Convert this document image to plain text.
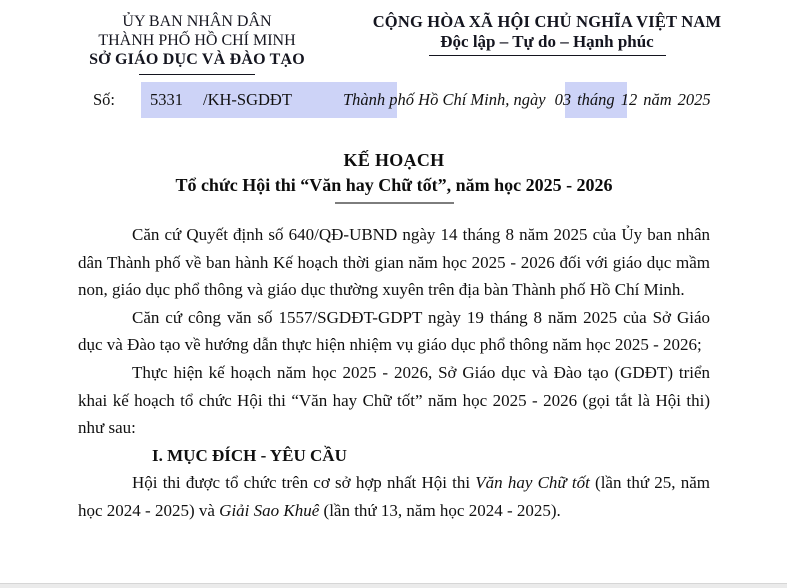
ỦY BAN NHÂN DÂN
THÀNH PHỐ HỒ CHÍ MINH
SỞ GIÁO DỤC VÀ ĐÀO TẠO
CỘNG HÒA XÃ HỘI CHỦ NGHĨA VIỆT NAM
Độc lập – Tự do – Hạnh phúc
Số: 5331 /KH-SGDĐT	Thành phố Hồ Chí Minh, ngày 03 tháng 12 năm 2025
KẾ HOẠCH
Tổ chức Hội thi “Văn hay Chữ tốt”, năm học 2025 - 2026

Căn cứ Quyết định số 640/QĐ-UBND ngày 14 tháng 8 năm 2025 của Ủy ban nhân dân Thành phố về ban hành Kế hoạch thời gian năm học 2025 - 2026 đối với giáo dục mầm non, giáo dục phổ thông và giáo dục thường xuyên trên địa bàn Thành phố Hồ Chí Minh.

Căn cứ công văn số 1557/SGDĐT-GDPT ngày 19 tháng 8 năm 2025 của Sở Giáo dục và Đào tạo về hướng dẫn thực hiện nhiệm vụ giáo dục phổ thông năm học 2025 - 2026;

Thực hiện kế hoạch năm học 2025 - 2026, Sở Giáo dục và Đào tạo (GDĐT) triển khai kế hoạch tổ chức Hội thi “Văn hay Chữ tốt” năm học 2025 - 2026 (gọi tắt là Hội thi) như sau:

I. MỤC ĐÍCH - YÊU CẦU

Hội thi được tổ chức trên cơ sở hợp nhất Hội thi Văn hay Chữ tốt (lần thứ 25, năm học 2024 - 2025) và Giải Sao Khuê (lần thứ 13, năm học 2024 - 2025).
